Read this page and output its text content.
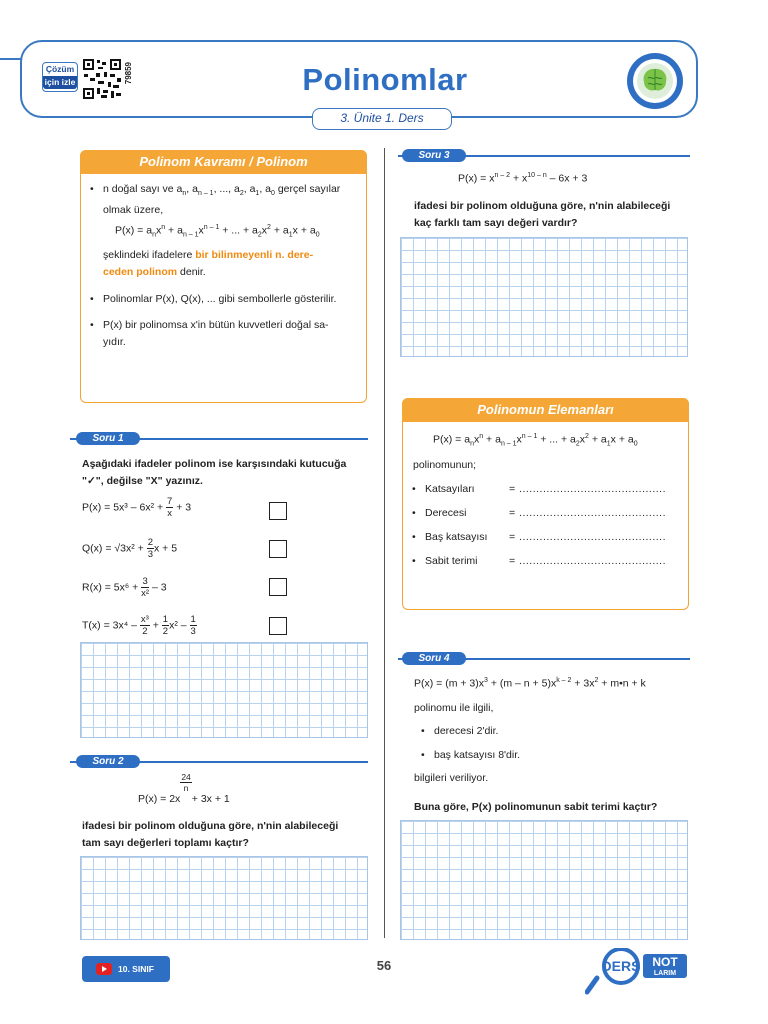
Çözüm
için izle	79859	Polinomlar
3. Ünite 1. Ders
Polinom Kavramı / Polinom
• n doğal sayı ve $a_n$, $a_{n - 1}$, ..., $a_2$, $a_1$, $a_0$ gerçel sayılar
olmak üzere,
$P(x) = a_nx^n + a_{n - 1}x^{n - 1}$ + ... + $a_2x^2 + a_1x + a_0$
şeklindeki ifadelere bir bilinmeyenli n. dere-
ceden polinom denir.
• Polinomlar P(x), Q(x), ... gibi sembollerle gösterilir.
• P(x) bir polinomsa x'in bütün kuvvetleri doğal sa-
yıdır.
Soru 1
Aşağıdaki ifadeler polinom ise karşısındaki kutucuğa
"✓", değilse "X" yazınız.
$P(x) = 5x^3 - 6x^2 + \frac{7}{x} + 3$
$Q(x) = √3x^2 + \frac{2}{3}$ x + 5
$R(x) = 5x^6 + \frac{3}{\text{x²}} - 3$
$T(x) = 3x^4 - \frac{\text{x³}}{2} + \frac{1}{2} x^2 - \frac{1}{3}$
Soru 2
P(x) = 2x
$\frac{24}{n}$
+ 3x + 1
ifadesi bir polinom olduğuna göre, n'nin alabileceği
tam sayı değerleri toplamı kaçtır?
Soru 3
$P(x) = x^{n - 2} + x^{10 - n} - 6x + 3$
ifadesi bir polinom olduğuna göre, n'nin alabileceği
kaç farklı tam sayı değeri vardır?
Polinomun Elemanları
$P(x) = a_nx^n + a_{n - 1}x^{n - 1}$ + ... + $a_2x^2 + a_1x + a_0$
polinomunun;
• Katsayıları	= ...........................................
• Derecesi	= ...........................................
• Baş katsayısı = ...........................................
• Sabit terimi	= ...........................................
Soru 4
$P(x) = (m + 3)x^3 + (m - n + 5)x^{k - 2} + 3x^2$ + m•n + k
polinomu ile ilgili,
• derecesi 2'dir.
• baş katsayısı 8'dir.
bilgileri veriliyor.
Buna göre, P(x) polinomunun sabit terimi kaçtır?
10. SINIF	56	DERS NOT
LARIM
